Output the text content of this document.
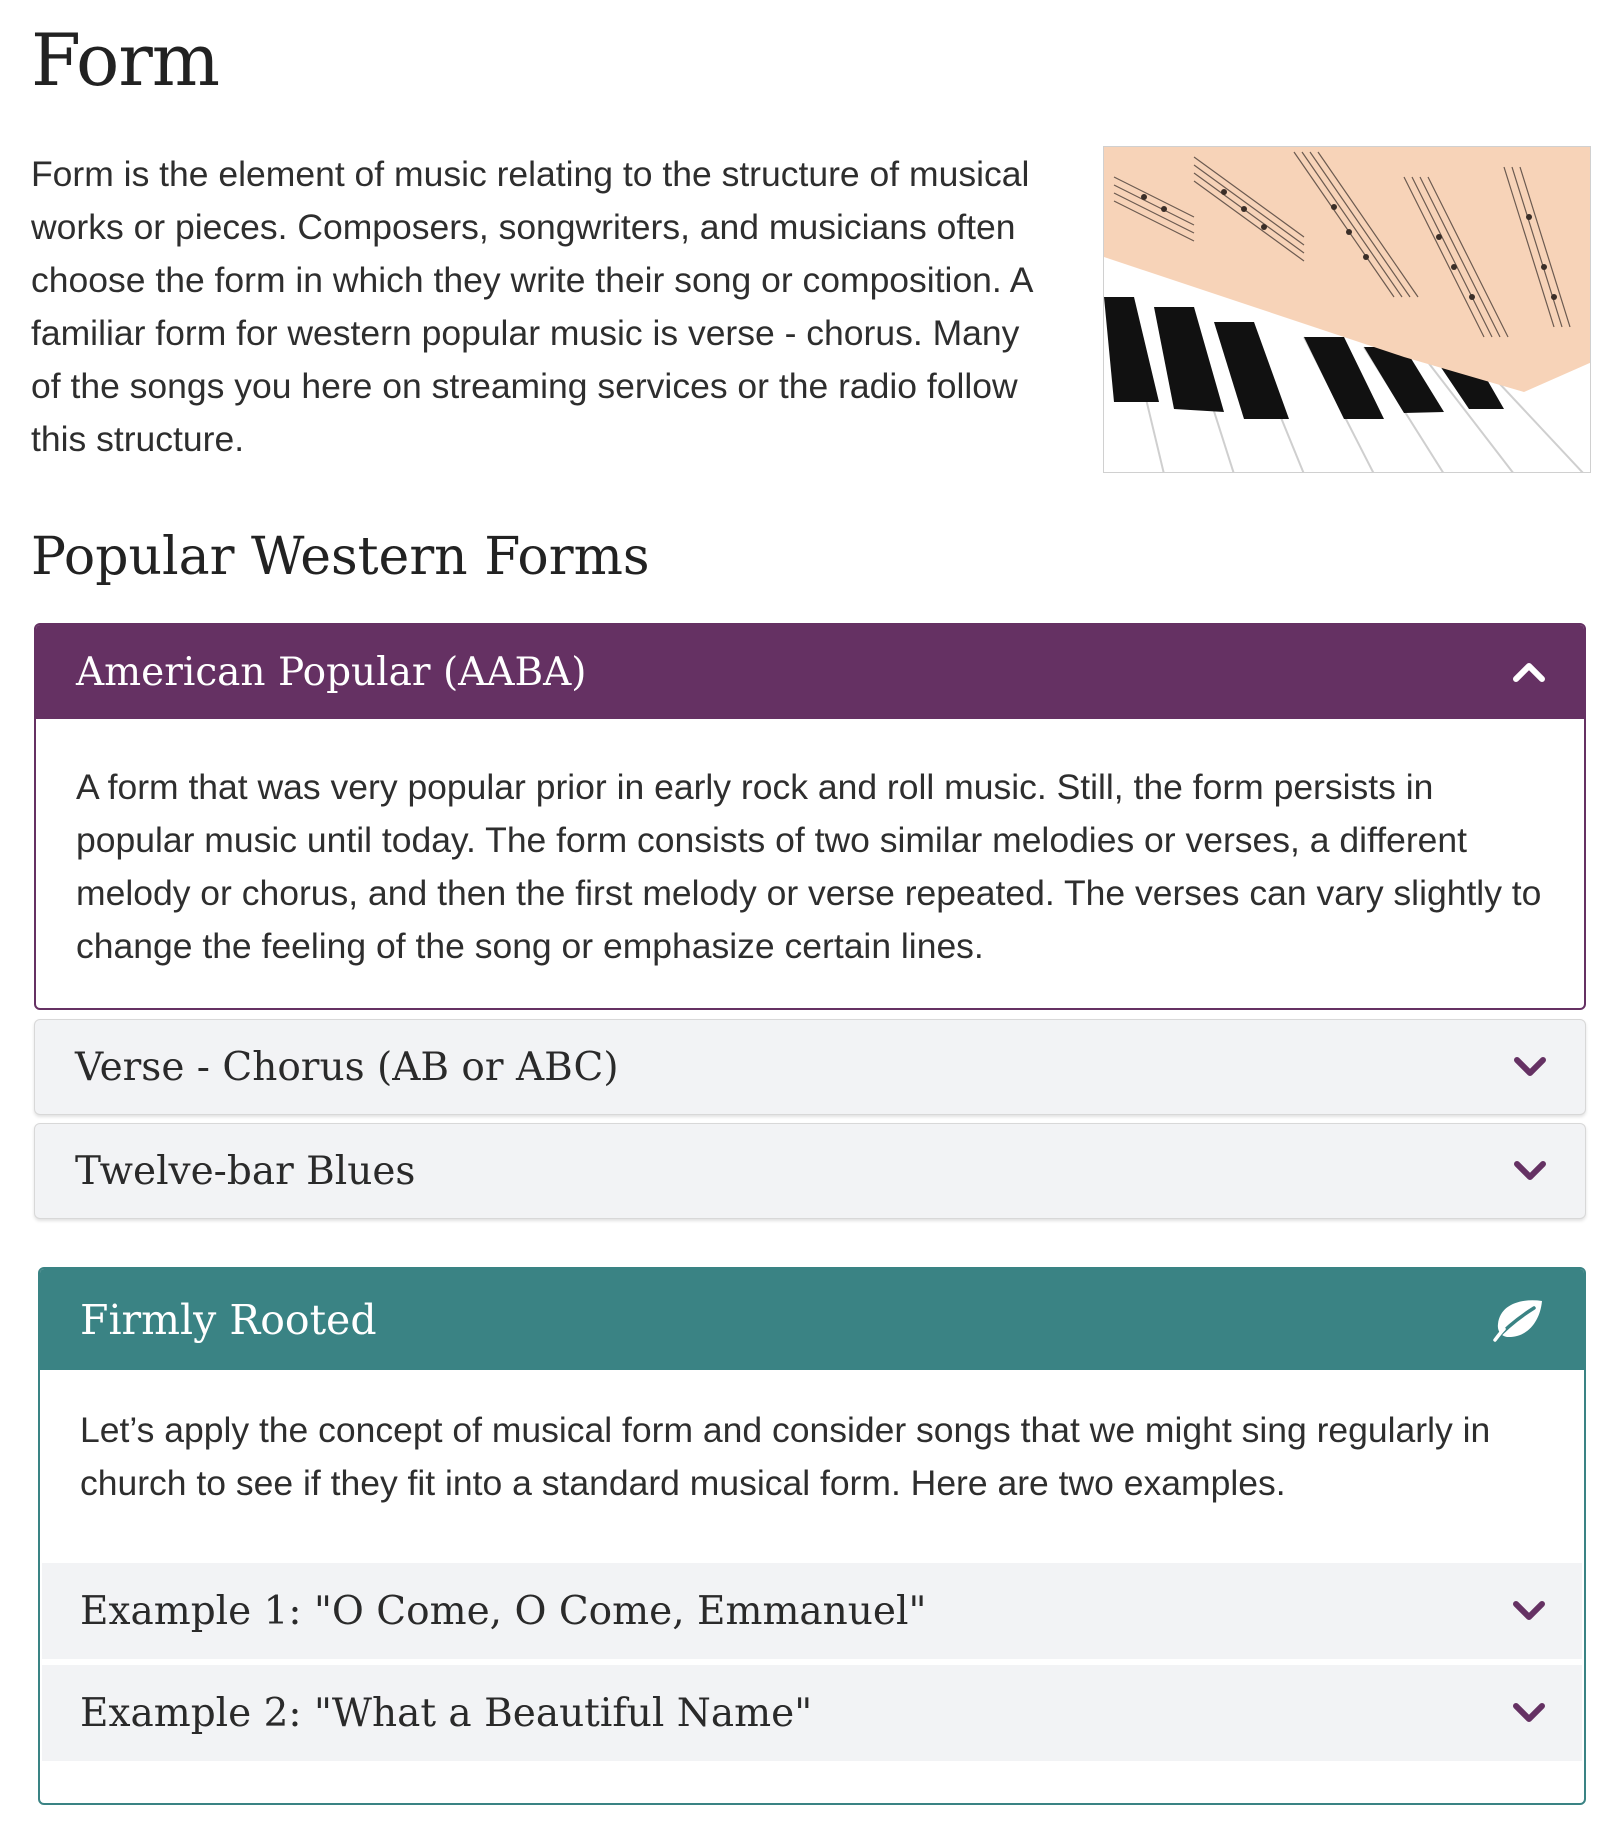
Form

Form is the element of music relating to the structure of musical works or pieces. Composers, songwriters, and musicians often choose the form in which they write their song or composition. A familiar form for western popular music is verse - chorus. Many of the songs you here on streaming services or the radio follow this structure.

Popular Western Forms
American Popular (AABA)
A form that was very popular prior in early rock and roll music. Still, the form persists in popular music until today. The form consists of two similar melodies or verses, a different melody or chorus, and then the first melody or verse repeated. The verses can vary slightly to change the feeling of the song or emphasize certain lines.
Verse - Chorus (AB or ABC)
Twelve-bar Blues
Firmly Rooted
Let’s apply the concept of musical form and consider songs that we might sing regularly in church to see if they fit into a standard musical form. Here are two examples.
Example 1: "O Come, O Come, Emmanuel"
Example 2: "What a Beautiful Name"
